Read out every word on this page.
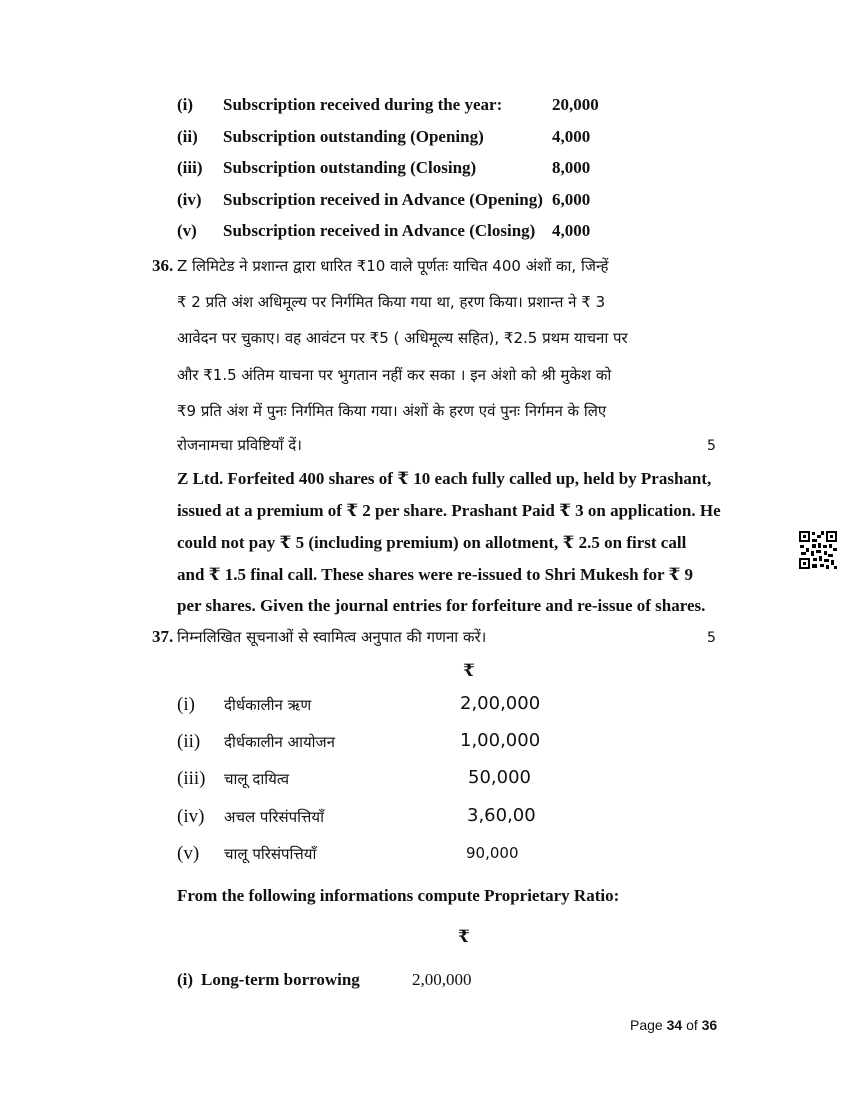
(i) Subscription received during the year:	20,000
(ii) Subscription outstanding (Opening)	4,000
(iii) Subscription outstanding (Closing)	8,000
(iv) Subscription received in Advance (Opening) 6,000
(v) Subscription received in Advance (Closing) 4,000
36. Z लिमिटेड ने प्रशान्त द्वारा धारित ₹10 वाले पूर्णतः याचित 400 अंशों का, जिन्हें
₹ 2 प्रति अंश अधिमूल्य पर निर्गमित किया गया था, हरण किया। प्रशान्त ने ₹ 3
आवेदन पर चुकाए। वह आवंटन पर ₹5 ( अधिमूल्य सहित), ₹2.5 प्रथम याचना पर
और ₹1.5 अंतिम याचना पर भुगतान नहीं कर सका । इन अंशो को श्री मुकेश को
₹9 प्रति अंश में पुनः निर्गमित किया गया। अंशों के हरण एवं पुनः निर्गमन के लिए
रोजनामचा प्रविष्टियाँ दें।	5
Z Ltd. Forfeited 400 shares of ₹ 10 each fully called up, held by Prashant,
issued at a premium of ₹ 2 per share. Prashant Paid ₹ 3 on application. He
could not pay ₹ 5 (including premium) on allotment, ₹ 2.5 on first call
and ₹ 1.5 final call. These shares were re-issued to Shri Mukesh for ₹ 9
per shares. Given the journal entries for forfeiture and re-issue of shares.
37. निम्नलिखित सूचनाओं से स्वामित्व अनुपात की गणना करें।	5
₹
(i) दीर्धकालीन ऋण	2,00,000
(ii) दीर्धकालीन आयोजन	1,00,000
(iii) चालू दायित्व	50,000
(iv) अचल परिसंपत्तियाँ	3,60,00
(v) चालू परिसंपत्तियाँ	90,000
From the following informations compute Proprietary Ratio:
₹
(i) Long-term borrowing	2,00,000
Page 34 of 36
